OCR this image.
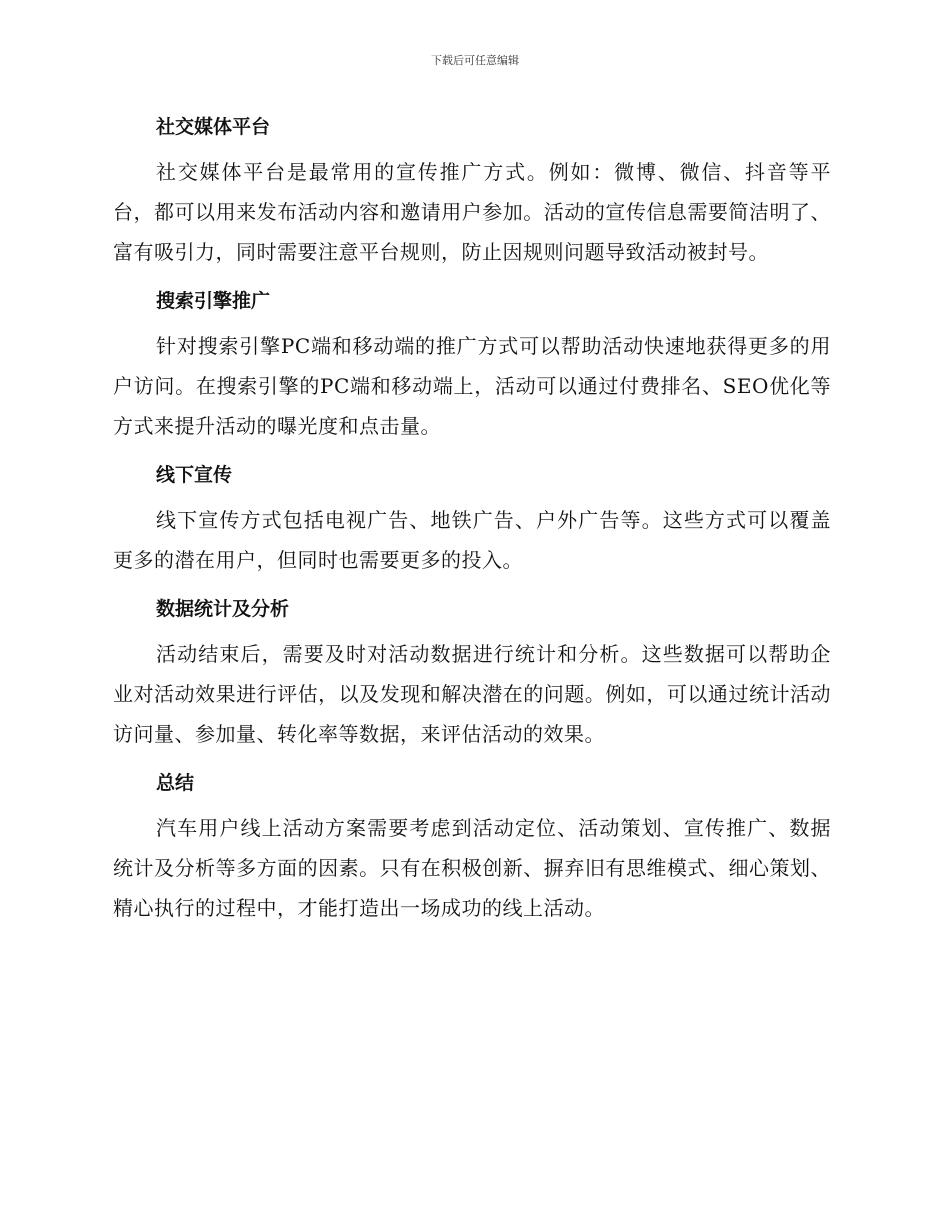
下载后可任意编辑
社交媒体平台

社交媒体平台是最常用的宣传推广方式。例如：微博、微信、抖音等平台，都可以用来发布活动内容和邀请用户参加。活动的宣传信息需要简洁明了、富有吸引力，同时需要注意平台规则，防止因规则问题导致活动被封号。

搜索引擎推广

针对搜索引擎PC端和移动端的推广方式可以帮助活动快速地获得更多的用户访问。在搜索引擎的PC端和移动端上，活动可以通过付费排名、SEO优化等方式来提升活动的曝光度和点击量。

线下宣传

线下宣传方式包括电视广告、地铁广告、户外广告等。这些方式可以覆盖更多的潜在用户，但同时也需要更多的投入。

数据统计及分析

活动结束后，需要及时对活动数据进行统计和分析。这些数据可以帮助企业对活动效果进行评估，以及发现和解决潜在的问题。例如，可以通过统计活动访问量、参加量、转化率等数据，来评估活动的效果。

总结

汽车用户线上活动方案需要考虑到活动定位、活动策划、宣传推广、数据统计及分析等多方面的因素。只有在积极创新、摒弃旧有思维模式、细心策划、精心执行的过程中，才能打造出一场成功的线上活动。
